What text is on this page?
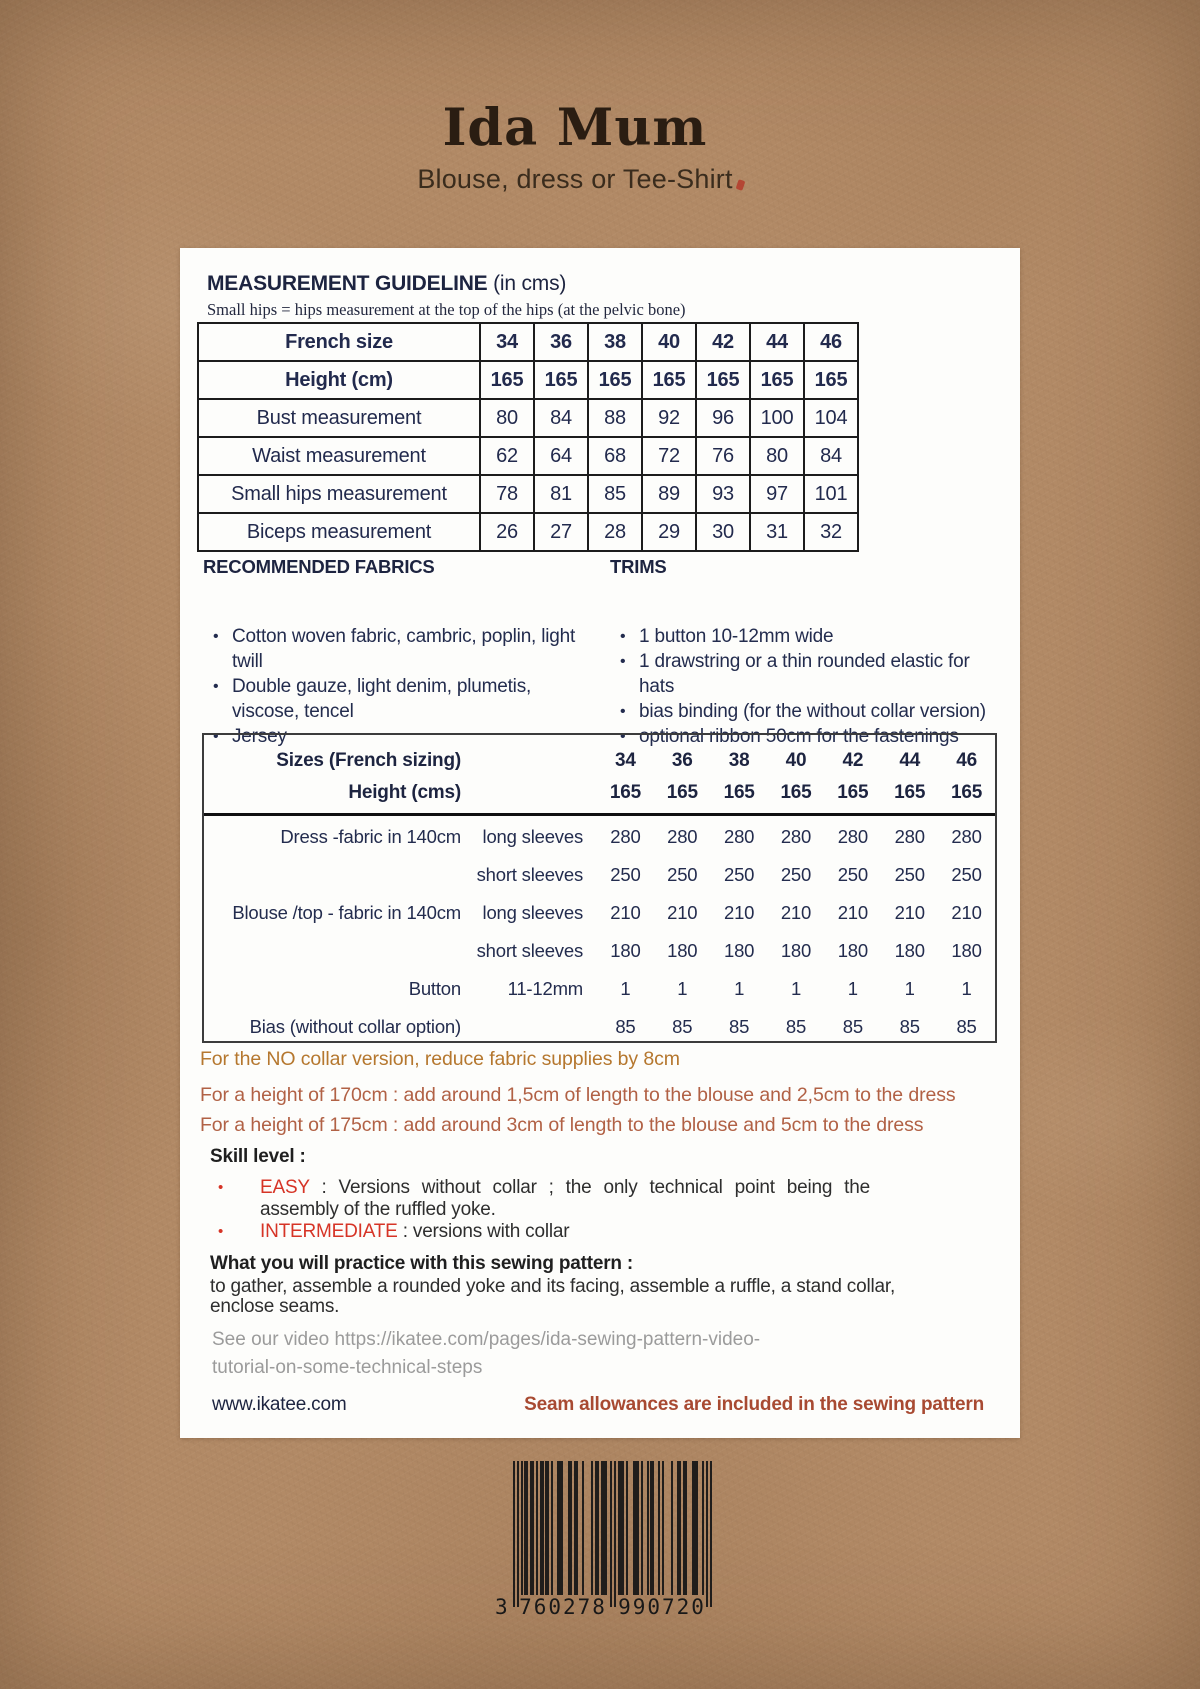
Ida Mum
Blouse, dress or Tee-Shirt
MEASUREMENT GUIDELINE (in cms)
Small hips = hips measurement at the top of the hips (at the pelvic bone)
French size	34	36	38	40	42	44	46
Height (cm)	165	165	165	165	165	165	165
Bust measurement	80	84	88	92	96	100	104
Waist measurement	62	64	68	72	76	80	84
Small hips measurement	78	81	85	89	93	97	101
Biceps measurement	26	27	28	29	30	31	32
RECOMMENDED FABRICS
• Cotton woven fabric, cambric, poplin, light twill
• Double gauze, light denim, plumetis, viscose, tencel
• Jersey
TRIMS
• 1 button 10-12mm wide
• 1 drawstring or a thin rounded elastic for hats
• bias binding (for the without collar version)
• optional ribbon 50cm for the fastenings
Sizes (French sizing)	34	36	38	40	42	44	46
Height (cms)	165	165	165	165	165	165	165
Dress -fabric in 140cm	long sleeves	280	280	280	280	280	280	280
short sleeves	250	250	250	250	250	250	250
Blouse /top - fabric in 140cm	long sleeves	210	210	210	210	210	210	210
short sleeves	180	180	180	180	180	180	180
Button	11-12mm	1	1	1	1	1	1	1
Bias (without collar option)	85	85	85	85	85	85	85
For the NO collar version, reduce fabric supplies by 8cm
For a height of 170cm : add around 1,5cm of length to the blouse and 2,5cm to the dress
For a height of 175cm : add around 3cm of length to the blouse and 5cm to the dress
Skill level :
• EASY : Versions without collar ; the only technical point being the assembly of the ruffled yoke.
• INTERMEDIATE : versions with collar
What you will practice with this sewing pattern :
to gather, assemble a rounded yoke and its facing, assemble a ruffle, a stand collar, enclose seams.
See our video https://ikatee.com/pages/ida-sewing-pattern-video-tutorial-on-some-technical-steps
www.ikatee.com	Seam allowances are included in the sewing pattern
3 760278 990720
